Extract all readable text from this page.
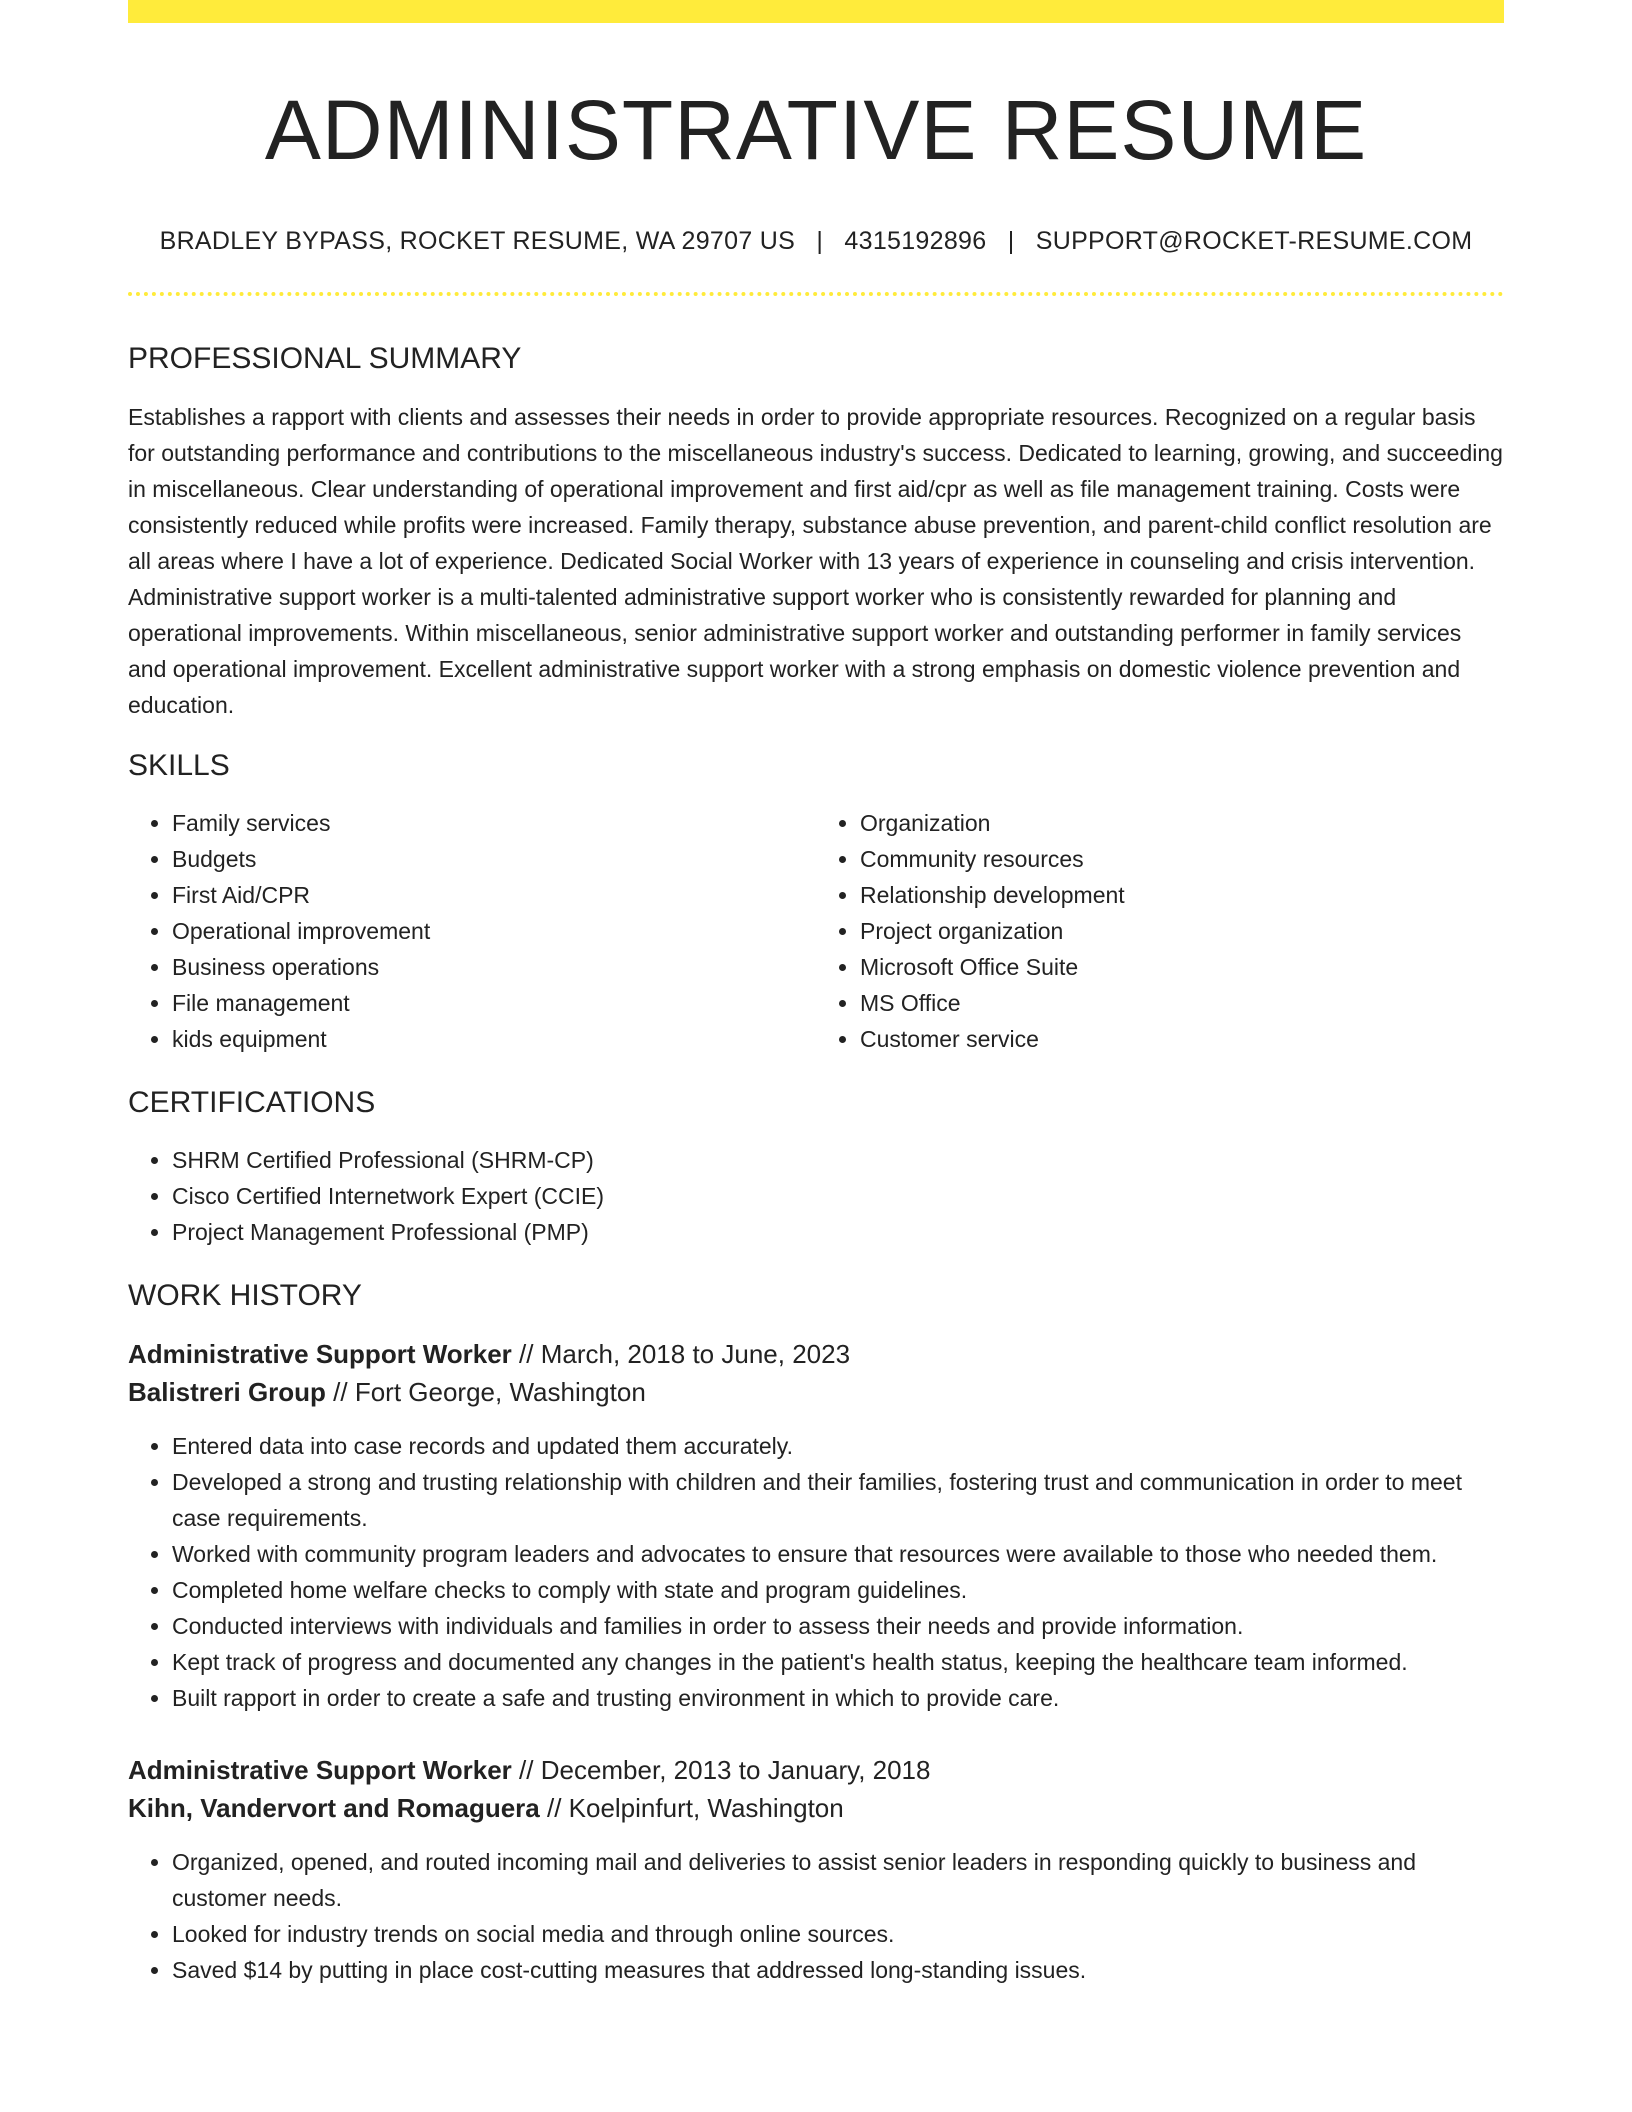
ADMINISTRATIVE RESUME
BRADLEY BYPASS, ROCKET RESUME, WA 29707 US | 4315192896 | SUPPORT@ROCKET-RESUME.COM
PROFESSIONAL SUMMARY

Establishes a rapport with clients and assesses their needs in order to provide appropriate resources. Recognized on a regular basis for outstanding performance and contributions to the miscellaneous industry's success. Dedicated to learning, growing, and succeeding in miscellaneous. Clear understanding of operational improvement and first aid/cpr as well as file management training. Costs were consistently reduced while profits were increased. Family therapy, substance abuse prevention, and parent-child conflict resolution are all areas where I have a lot of experience. Dedicated Social Worker with 13 years of experience in counseling and crisis intervention. Administrative support worker is a multi-talented administrative support worker who is consistently rewarded for planning and operational improvements. Within miscellaneous, senior administrative support worker and outstanding performer in family services and operational improvement. Excellent administrative support worker with a strong emphasis on domestic violence prevention and education.

SKILLS
• Family services
• Budgets
• First Aid/CPR
• Operational improvement
• Business operations
• File management
• kids equipment
• Organization
• Community resources
• Relationship development
• Project organization
• Microsoft Office Suite
• MS Office
• Customer service
CERTIFICATIONS
• SHRM Certified Professional (SHRM-CP)
• Cisco Certified Internetwork Expert (CCIE)
• Project Management Professional (PMP)
WORK HISTORY
Administrative Support Worker // March, 2018 to June, 2023
Balistreri Group // Fort George, Washington
• Entered data into case records and updated them accurately.
• Developed a strong and trusting relationship with children and their families, fostering trust and communication in order to meet case requirements.
• Worked with community program leaders and advocates to ensure that resources were available to those who needed them.
• Completed home welfare checks to comply with state and program guidelines.
• Conducted interviews with individuals and families in order to assess their needs and provide information.
• Kept track of progress and documented any changes in the patient's health status, keeping the healthcare team informed.
• Built rapport in order to create a safe and trusting environment in which to provide care.
Administrative Support Worker // December, 2013 to January, 2018
Kihn, Vandervort and Romaguera // Koelpinfurt, Washington
• Organized, opened, and routed incoming mail and deliveries to assist senior leaders in responding quickly to business and customer needs.
• Looked for industry trends on social media and through online sources.
• Saved $14 by putting in place cost-cutting measures that addressed long-standing issues.
